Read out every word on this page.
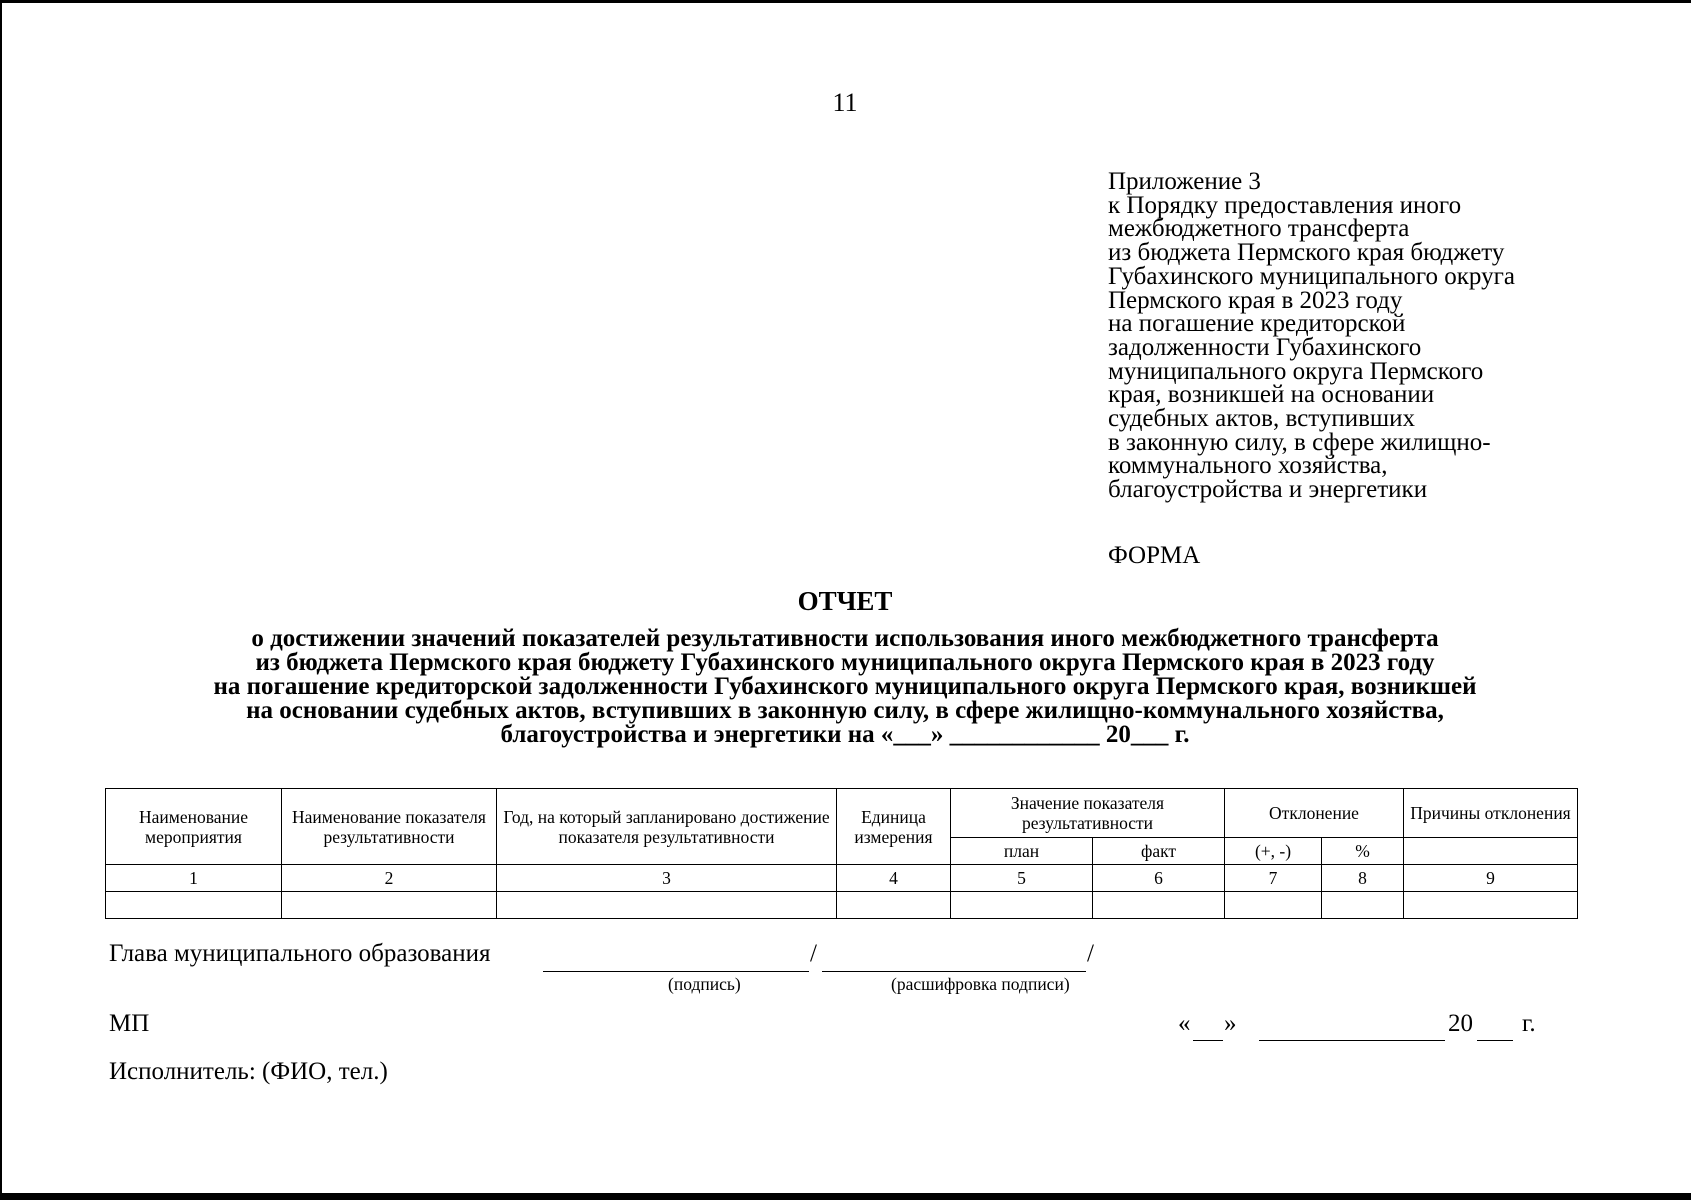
11
Приложение 3
к Порядку предоставления иного
межбюджетного трансферта
из бюджета Пермского края бюджету
Губахинского муниципального округа
Пермского края в 2023 году
на погашение кредиторской
задолженности Губахинского
муниципального округа Пермского
края, возникшей на основании
судебных актов, вступивших
в законную силу, в сфере жилищно-
коммунального хозяйства,
благоустройства и энергетики
ФОРМА
ОТЧЕТ
о достижении значений показателей результативности использования иного межбюджетного трансферта
из бюджета Пермского края бюджету Губахинского муниципального округа Пермского края в 2023 году
на погашение кредиторской задолженности Губахинского муниципального округа Пермского края, возникшей
на основании судебных актов, вступивших в законную силу, в сфере жилищно-коммунального хозяйства,
благоустройства и энергетики на «___» ____________ 20___ г.
Наименование мероприятия	Наименование показателя результативности	Год, на который запланировано достижение показателя результативности	Единица измерения	Значение показателя результативности		Отклонение		Причины отклонения
				план	факт	(+, -)	%	
1	2	3	4	5	6	7	8	9

Глава муниципального образования	/	/
(подпись)	(расшифровка подписи)
МП	« »	20 г.
Исполнитель: (ФИО, тел.)
